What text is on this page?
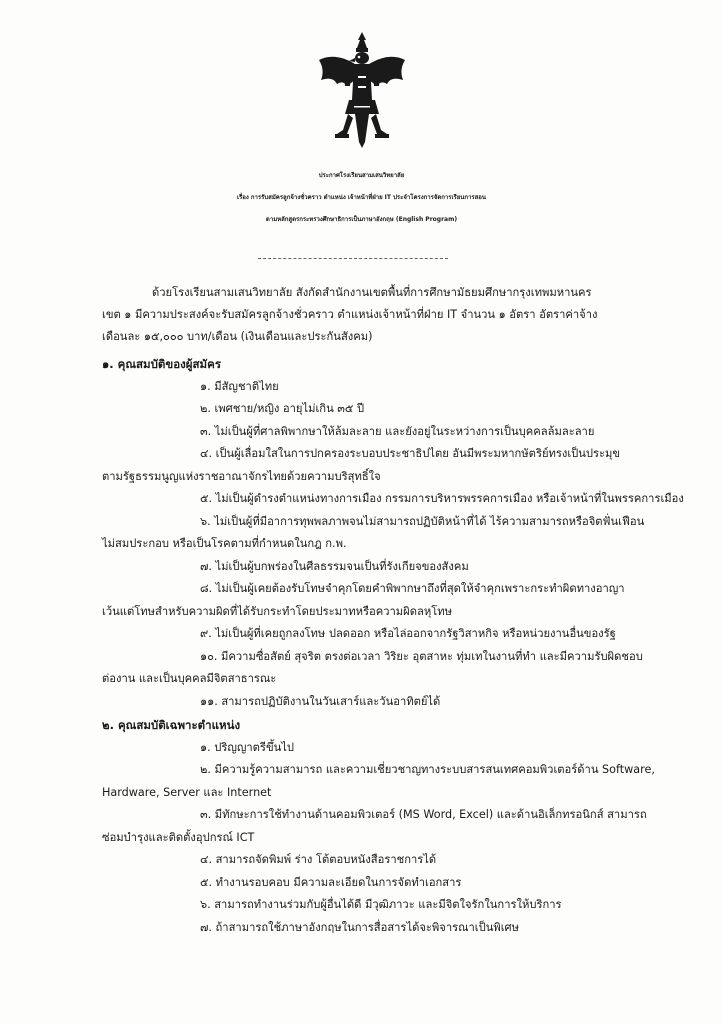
ประกาศโรงเรียนสามเสนวิทยาลัย
เรื่อง การรับสมัครลูกจ้างชั่วคราว ตำแหน่ง เจ้าหน้าที่ฝ่าย IT ประจำโครงการจัดการเรียนการสอน
ตามหลักสูตรกระทรวงศึกษาธิการเป็นภาษาอังกฤษ (English Program)
ด้วยโรงเรียนสามเสนวิทยาลัย สังกัดสำนักงานเขตพื้นที่การศึกษามัธยมศึกษากรุงเทพมหานคร
เขต ๑ มีความประสงค์จะรับสมัครลูกจ้างชั่วคราว ตำแหน่งเจ้าหน้าที่ฝ่าย IT จำนวน ๑ อัตรา อัตราค่าจ้าง
เดือนละ ๑๕,๐๐๐ บาท/เดือน (เงินเดือนและประกันสังคม)
๑. คุณสมบัติของผู้สมัคร
๑. มีสัญชาติไทย
๒. เพศชาย/หญิง อายุไม่เกิน ๓๕ ปี
๓. ไม่เป็นผู้ที่ศาลพิพากษาให้ล้มละลาย และยังอยู่ในระหว่างการเป็นบุคคลล้มละลาย
๔. เป็นผู้เลื่อมใสในการปกครองระบอบประชาธิปไตย อันมีพระมหากษัตริย์ทรงเป็นประมุข
ตามรัฐธรรมนูญแห่งราชอาณาจักรไทยด้วยความบริสุทธิ์ใจ
๕. ไม่เป็นผู้ดำรงตำแหน่งทางการเมือง กรรมการบริหารพรรคการเมือง หรือเจ้าหน้าที่ในพรรคการเมือง
๖. ไม่เป็นผู้ที่มีอาการทุพพลภาพจนไม่สามารถปฏิบัติหน้าที่ได้ ไร้ความสามารถหรือจิตฟั่นเฟือน
ไม่สมประกอบ หรือเป็นโรคตามที่กำหนดในกฎ ก.พ.
๗. ไม่เป็นผู้บกพร่องในศีลธรรมจนเป็นที่รังเกียจของสังคม
๘. ไม่เป็นผู้เคยต้องรับโทษจำคุกโดยคำพิพากษาถึงที่สุดให้จำคุกเพราะกระทำผิดทางอาญา
เว้นแต่โทษสำหรับความผิดที่ได้รับกระทำโดยประมาทหรือความผิดลหุโทษ
๙. ไม่เป็นผู้ที่เคยถูกลงโทษ ปลดออก หรือไล่ออกจากรัฐวิสาหกิจ หรือหน่วยงานอื่นของรัฐ
๑๐. มีความซื่อสัตย์ สุจริต ตรงต่อเวลา วิริยะ อุตสาหะ ทุ่มเทในงานที่ทำ และมีความรับผิดชอบ
ต่องาน และเป็นบุคคลมีจิตสาธารณะ
๑๑. สามารถปฏิบัติงานในวันเสาร์และวันอาทิตย์ได้
๒. คุณสมบัติเฉพาะตำแหน่ง
๑. ปริญญาตรีขึ้นไป
๒. มีความรู้ความสามารถ และความเชี่ยวชาญทางระบบสารสนเทศคอมพิวเตอร์ด้าน Software,
Hardware, Server และ Internet
๓. มีทักษะการใช้ทำงานด้านคอมพิวเตอร์ (MS Word, Excel) และด้านอิเล็กทรอนิกส์ สามารถ
ซ่อมบำรุงและติดตั้งอุปกรณ์ ICT
๔. สามารถจัดพิมพ์ ร่าง โต้ตอบหนังสือราชการได้
๕. ทำงานรอบคอบ มีความละเอียดในการจัดทำเอกสาร
๖. สามารถทำงานร่วมกับผู้อื่นได้ดี มีวุฒิภาวะ และมีจิตใจรักในการให้บริการ
๗. ถ้าสามารถใช้ภาษาอังกฤษในการสื่อสารได้จะพิจารณาเป็นพิเศษ
